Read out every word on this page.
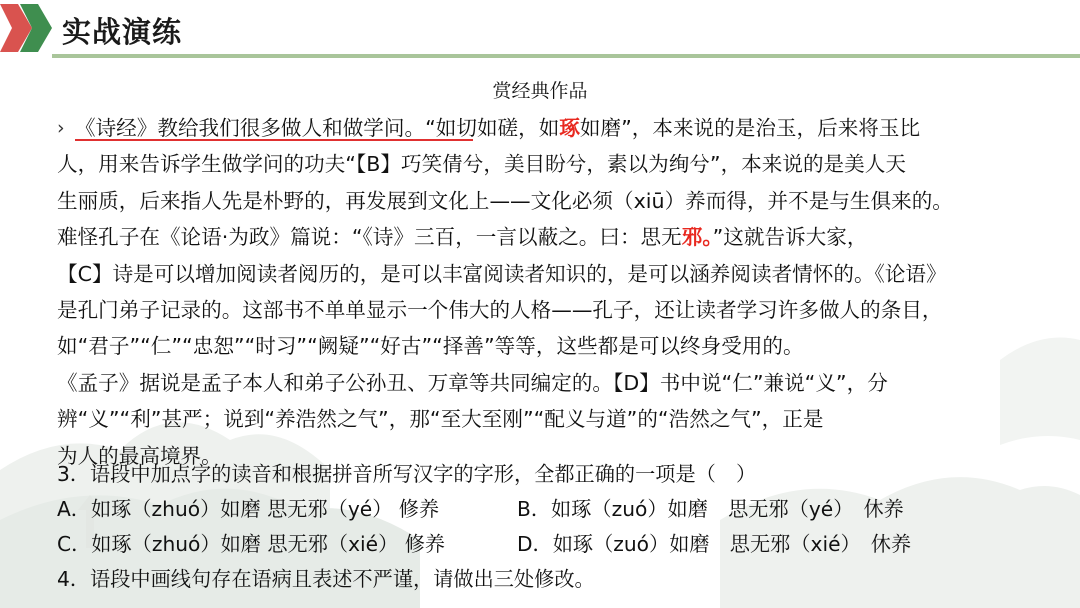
实战演练
赏经典作品
› 《诗经》教给我们很多做人和做学问。“如切如磋，如琢如磨”，本来说的是治玉，后来将玉比
人，用来告诉学生做学问的功夫“【B】巧笑倩兮，美目盼兮，素以为绚兮”，本来说的是美人天
生丽质，后来指人先是朴野的，再发展到文化上——文化必须（xiū）养而得，并不是与生俱来的。
难怪孔子在《论语·为政》篇说：“《诗》三百，一言以蔽之。曰：思无邪。”这就告诉大家，
【C】诗是可以增加阅读者阅历的，是可以丰富阅读者知识的，是可以涵养阅读者情怀的。《论语》
是孔门弟子记录的。这部书不单单显示一个伟大的人格——孔子，还让读者学习许多做人的条目，
如“君子”“仁”“忠恕”“时习”“阙疑”“好古”“择善”等等，这些都是可以终身受用的。
《孟子》据说是孟子本人和弟子公孙丑、万章等共同编定的。【D】书中说“仁”兼说“义”，分
辨“义”“利”甚严；说到“养浩然之气”，那“至大至刚”“配义与道”的“浩然之气”，正是
为人的最高境界。
3．语段中加点字的读音和根据拼音所写汉字的字形，全都正确的一项是（　）
A．如琢（zhuó）如磨 思无邪（yé） 修养	B．如琢（zuó）如磨　思无邪（yé）　休养
C．如琢（zhuó）如磨 思无邪（xié） 修养	D．如琢（zuó）如磨　思无邪（xié）　休养
4．语段中画线句存在语病且表述不严谨，请做出三处修改。
